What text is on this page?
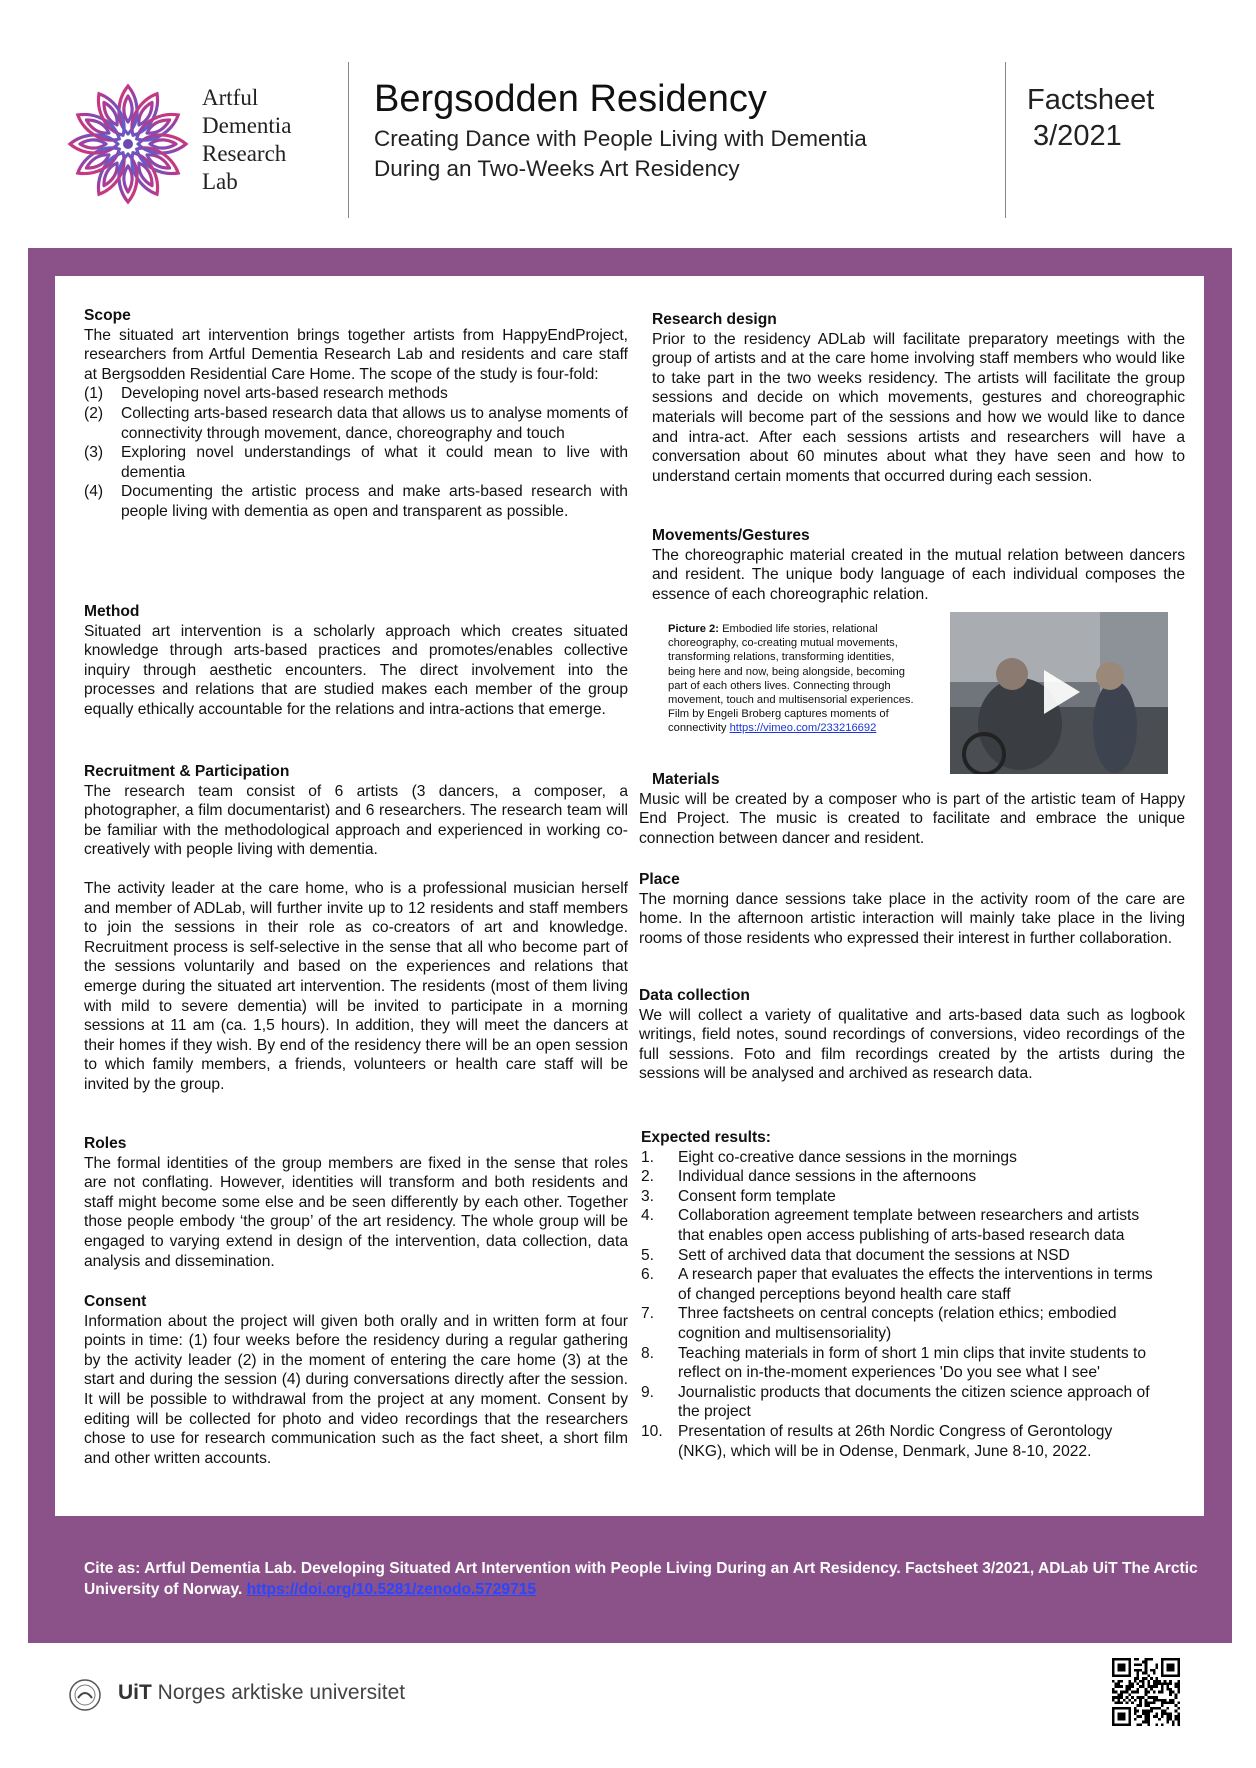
Artful
Dementia
Research
Lab
Bergsodden Residency
Creating Dance with People Living with Dementia
During an Two-Weeks Art Residency
Factsheet
3/2021
Scope

The situated art intervention brings together artists from HappyEndProject, researchers from Artful Dementia Research Lab and residents and care staff at Bergsodden Residential Care Home. The scope of the study is four-fold:

(1) Developing novel arts-based research methods
(2) Collecting arts-based research data that allows us to analyse moments of connectivity through movement, dance, choreography and touch
(3) Exploring novel understandings of what it could mean to live with dementia
(4) Documenting the artistic process and make arts-based research with people living with dementia as open and transparent as possible.
Method

Situated art intervention is a scholarly approach which creates situated knowledge through arts-based practices and promotes/enables collective inquiry through aesthetic encounters. The direct involvement into the processes and relations that are studied makes each member of the group equally ethically accountable for the relations and intra-actions that emerge.

Recruitment & Participation

The research team consist of 6 artists (3 dancers, a composer, a photographer, a film documentarist) and 6 researchers. The research team will be familiar with the methodological approach and experienced in working co-creatively with people living with dementia.

The activity leader at the care home, who is a professional musician herself and member of ADLab, will further invite up to 12 residents and staff members to join the sessions in their role as co-creators of art and knowledge. Recruitment process is self-selective in the sense that all who become part of the sessions voluntarily and based on the experiences and relations that emerge during the situated art intervention. The residents (most of them living with mild to severe dementia) will be invited to participate in a morning sessions at 11 am (ca. 1,5 hours). In addition, they will meet the dancers at their homes if they wish. By end of the residency there will be an open session to which family members, a friends, volunteers or health care staff will be invited by the group.

Roles

The formal identities of the group members are fixed in the sense that roles are not conflating. However, identities will transform and both residents and staff might become some else and be seen differently by each other. Together those people embody ‘the group’ of the art residency. The whole group will be engaged to varying extend in design of the intervention, data collection, data analysis and dissemination.

Consent

Information about the project will given both orally and in written form at four points in time: (1) four weeks before the residency during a regular gathering by the activity leader (2) in the moment of entering the care home (3) at the start and during the session (4) during conversations directly after the session. It will be possible to withdrawal from the project at any moment. Consent by editing will be collected for photo and video recordings that the researchers chose to use for research communication such as the fact sheet, a short film and other written accounts.

Research design

Prior to the residency ADLab will facilitate preparatory meetings with the group of artists and at the care home involving staff members who would like to take part in the two weeks residency. The artists will facilitate the group sessions and decide on which movements, gestures and choreographic materials will become part of the sessions and how we would like to dance and intra-act. After each sessions artists and researchers will have a conversation about 60 minutes about what they have seen and how to understand certain moments that occurred during each session.

Movements/Gestures

The choreographic material created in the mutual relation between dancers and resident. The unique body language of each individual composes the essence of each choreographic relation.

Materials

Music will be created by a composer who is part of the artistic team of Happy End Project. The music is created to facilitate and embrace the unique connection between dancer and resident.

Place

The morning dance sessions take place in the activity room of the care are home. In the afternoon artistic interaction will mainly take place in the living rooms of those residents who expressed their interest in further collaboration.

Data collection

We will collect a variety of qualitative and arts-based data such as logbook writings, field notes, sound recordings of conversions, video recordings of the full sessions. Foto and film recordings created by the artists during the sessions will be analysed and archived as research data.

Expected results:
1. Eight co-creative dance sessions in the mornings
2. Individual dance sessions in the afternoons
3. Consent form template
4. Collaboration agreement template between researchers and artists that enables open access publishing of arts-based research data
5. Sett of archived data that document the sessions at NSD
6. A research paper that evaluates the effects the interventions in terms of changed perceptions beyond health care staff
7. Three factsheets on central concepts (relation ethics; embodied cognition and multisensoriality)
8. Teaching materials in form of short 1 min clips that invite students to reflect on in-the-moment experiences 'Do you see what I see'
9. Journalistic products that documents the citizen science approach of the project
10. Presentation of results at 26th Nordic Congress of Gerontology (NKG), which will be in Odense, Denmark, June 8-10, 2022.
Picture 2: Embodied life stories, relational choreography, co-creating mutual movements, transforming relations, transforming identities, being here and now, being alongside, becoming part of each others lives. Connecting through movement, touch and multisensorial experiences. Film by Engeli Broberg captures moments of connectivity https://vimeo.com/233216692
Cite as: Artful Dementia Lab. Developing Situated Art Intervention with People Living During an Art Residency. Factsheet 3/2021, ADLab UiT The Arctic University of Norway. https://doi.org/10.5281/zenodo.5729715
UiT Norges arktiske universitet
